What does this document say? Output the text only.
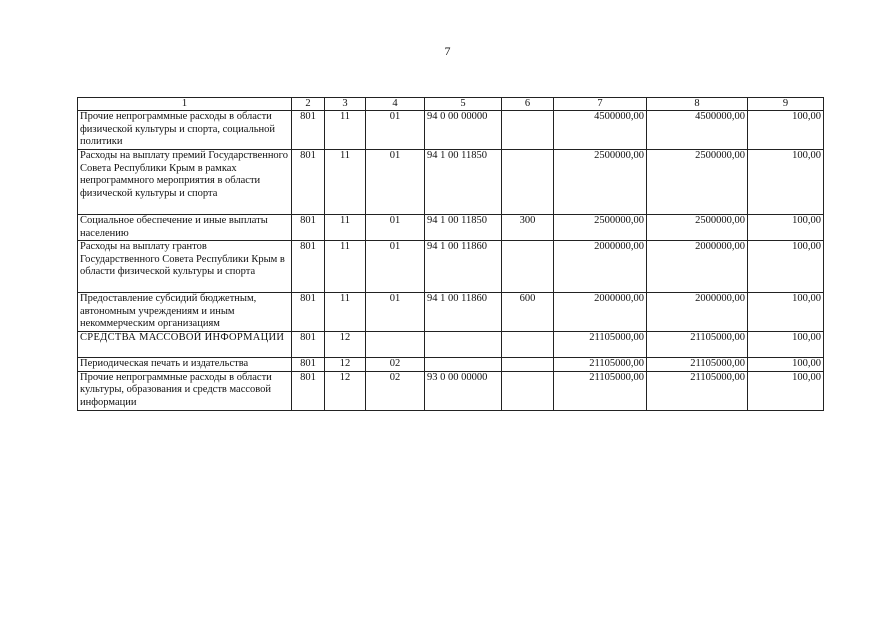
7
1	2	3	4	5	6	7	8	9
Прочие непрограммные расходы в области физической культуры и спорта, социальной политики	801	11	01	94 0 00 00000		4500000,00	4500000,00	100,00
Расходы на выплату премий Государственного Совета Республики Крым в рамках непрограммного мероприятия в области физической культуры и спорта	801	11	01	94 1 00 11850		2500000,00	2500000,00	100,00
Социальное обеспечение и иные выплаты населению	801	11	01	94 1 00 11850	300	2500000,00	2500000,00	100,00
Расходы на выплату грантов Государственного Совета Республики Крым в области физической культуры и спорта	801	11	01	94 1 00 11860		2000000,00	2000000,00	100,00
Предоставление субсидий бюджетным, автономным учреждениям и иным некоммерческим организациям	801	11	01	94 1 00 11860	600	2000000,00	2000000,00	100,00
СРЕДСТВА МАССОВОЙ ИНФОРМАЦИИ	801	12				21105000,00	21105000,00	100,00
Периодическая печать и издательства	801	12	02			21105000,00	21105000,00	100,00
Прочие непрограммные расходы в области культуры, образования и средств массовой информации	801	12	02	93 0 00 00000		21105000,00	21105000,00	100,00
